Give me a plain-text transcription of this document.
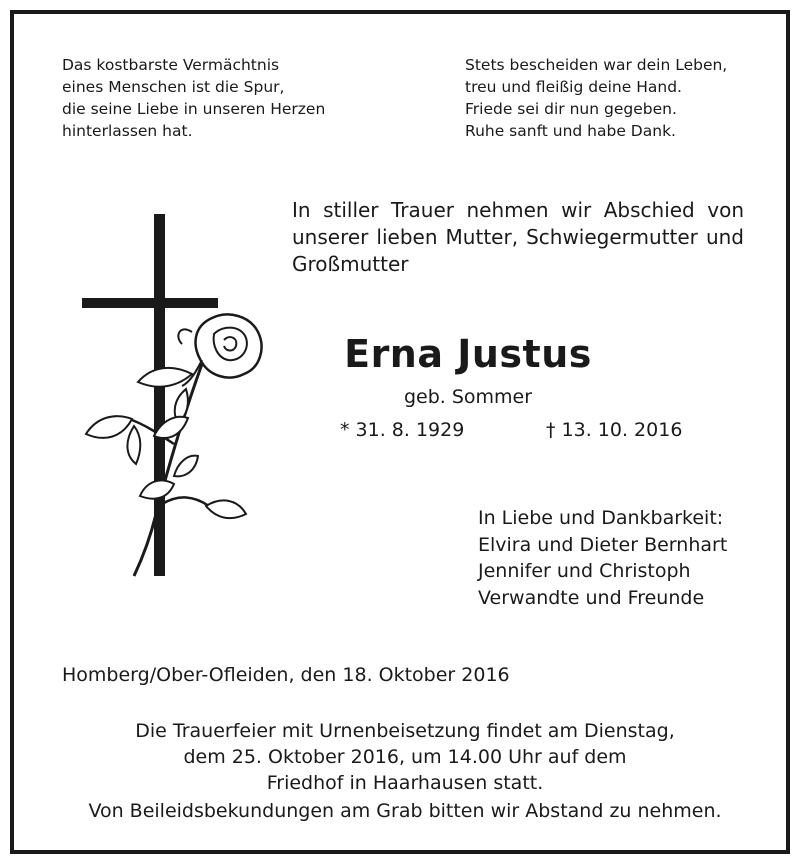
Das kostbarste Vermächtnis
eines Menschen ist die Spur,
die seine Liebe in unseren Herzen
hinterlassen hat.
Stets bescheiden war dein Leben,
treu und fleißig deine Hand.
Friede sei dir nun gegeben.
Ruhe sanft und habe Dank.
In stiller Trauer nehmen wir Abschied von unserer lieben Mutter, Schwiegermutter und Großmutter
Erna Justus
geb. Sommer
* 31. 8. 1929	† 13. 10. 2016
In Liebe und Dankbarkeit:
Elvira und Dieter Bernhart
Jennifer und Christoph
Verwandte und Freunde
Homberg/Ober-Ofleiden, den 18. Oktober 2016
Die Trauerfeier mit Urnenbeisetzung findet am Dienstag,
dem 25. Oktober 2016, um 14.00 Uhr auf dem
Friedhof in Haarhausen statt.
Von Beileidsbekundungen am Grab bitten wir Abstand zu nehmen.
